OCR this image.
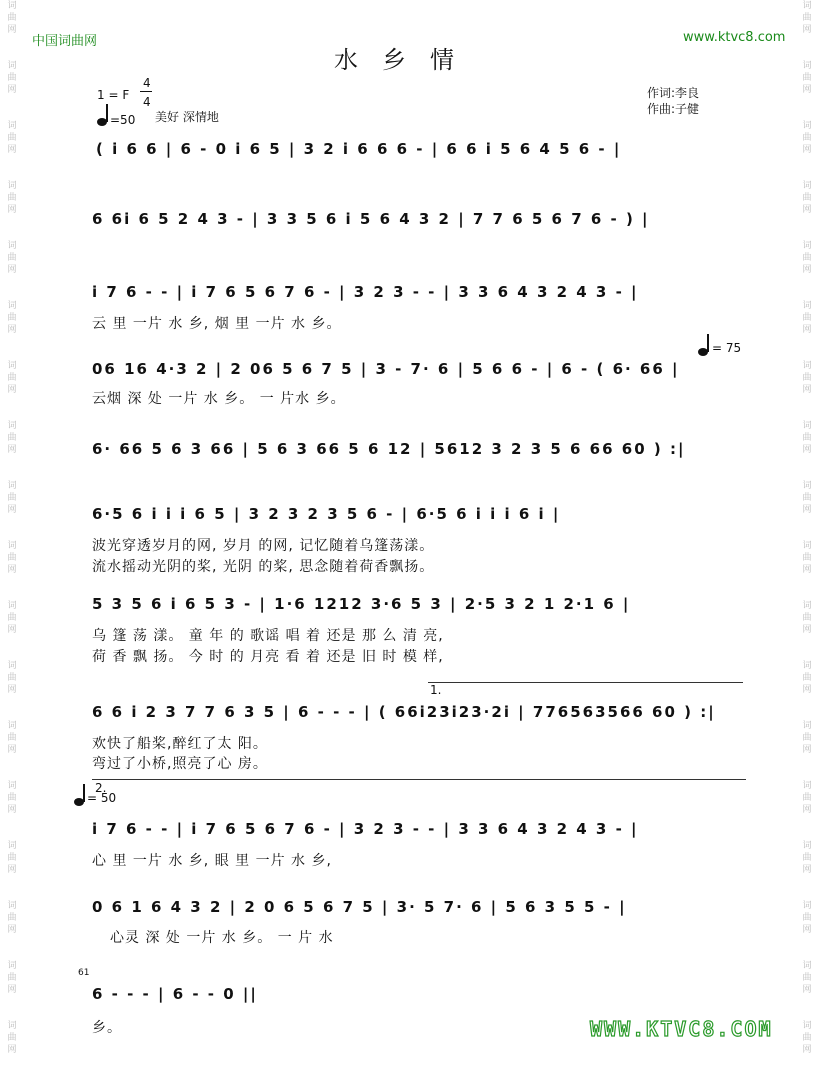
词
曲
网
词
曲
网
词
曲
网
词
曲
网
词
曲
网
词
曲
网
词
曲
网
词
曲
网
词
曲
网
词
曲
网
词
曲
网
词
曲
网
词
曲
网
词
曲
网
词
曲
网
词
曲
网
词
曲
网
词
曲
网
词
曲
网
词
曲
网
词
曲
网
词
曲
网
词
曲
网
词
曲
网
词
曲
网
词
曲
网
词
曲
网
词
曲
网
词
曲
网
词
曲
网
词
曲
网
词
曲
网
词
曲
网
词
曲
网
词
曲
网
词
曲
网
中国词曲网	www.ktvc8.com
水乡情
1 = F
4
4
=50 美好 深情地
作词:李良
作曲:子健
( i 6 6 | 6 - 0 i 6 5 | 3 2 i 6 6 6 - | 6 6 i 5 6 4 5 6 - |
6 6i 6 5 2 4 3 - | 3 3 5 6 i 5 6 4 3 2 | 7 7 6 5 6 7 6 - ) |
i 7 6 - - | i 7 6 5 6 7 6 - | 3 2 3 - - | 3 3 6 4 3 2 4 3 - |
云 里 一片 水 乡, 烟 里 一片 水 乡。
= 75
06 16 4·3 2 | 2 06 5 6 7 5 | 3 - 7· 6 | 5 6 6 - | 6 - ( 6· 66 |
云烟 深 处 一片 水 乡。 一 片水 乡。
6· 66 5 6 3 66 | 5 6 3 66 5 6 12 | 5612 3 2 3 5 6 66 60 ) :|
6·5 6 i i i 6 5 | 3 2 3 2 3 5 6 - | 6·5 6 i i i 6 i |
波光穿透岁月的网, 岁月 的网, 记忆随着乌篷荡漾。
流水摇动光阴的桨, 光阴 的桨, 思念随着荷香飘扬。
5 3 5 6 i 6 5 3 - | 1·6 1212 3·6 5 3 | 2·5 3 2 1 2·1 6 |
乌 篷 荡 漾。 童 年 的 歌谣 唱 着 还是 那 么 清 亮,
荷 香 飘 扬。 今 时 的 月亮 看 着 还是 旧 时 模 样,
1.
6 6 i 2 3 7 7 6 3 5 | 6 - - - | ( 66i23i23·2i | 776563566 60 ) :|
欢快了船桨,醉红了太 阳。
弯过了小桥,照亮了心 房。
2.
= 50
i 7 6 - - | i 7 6 5 6 7 6 - | 3 2 3 - - | 3 3 6 4 3 2 4 3 - |
心 里 一片 水 乡, 眼 里 一片 水 乡,
0 6 1 6 4 3 2 | 2 0 6 5 6 7 5 | 3· 5 7· 6 | 5 6 3 5 5 - |
心灵 深 处 一片 水 乡。 一 片 水
61
6 - - - | 6 - - 0 ||
乡。	WWW.KTVC8.COM
